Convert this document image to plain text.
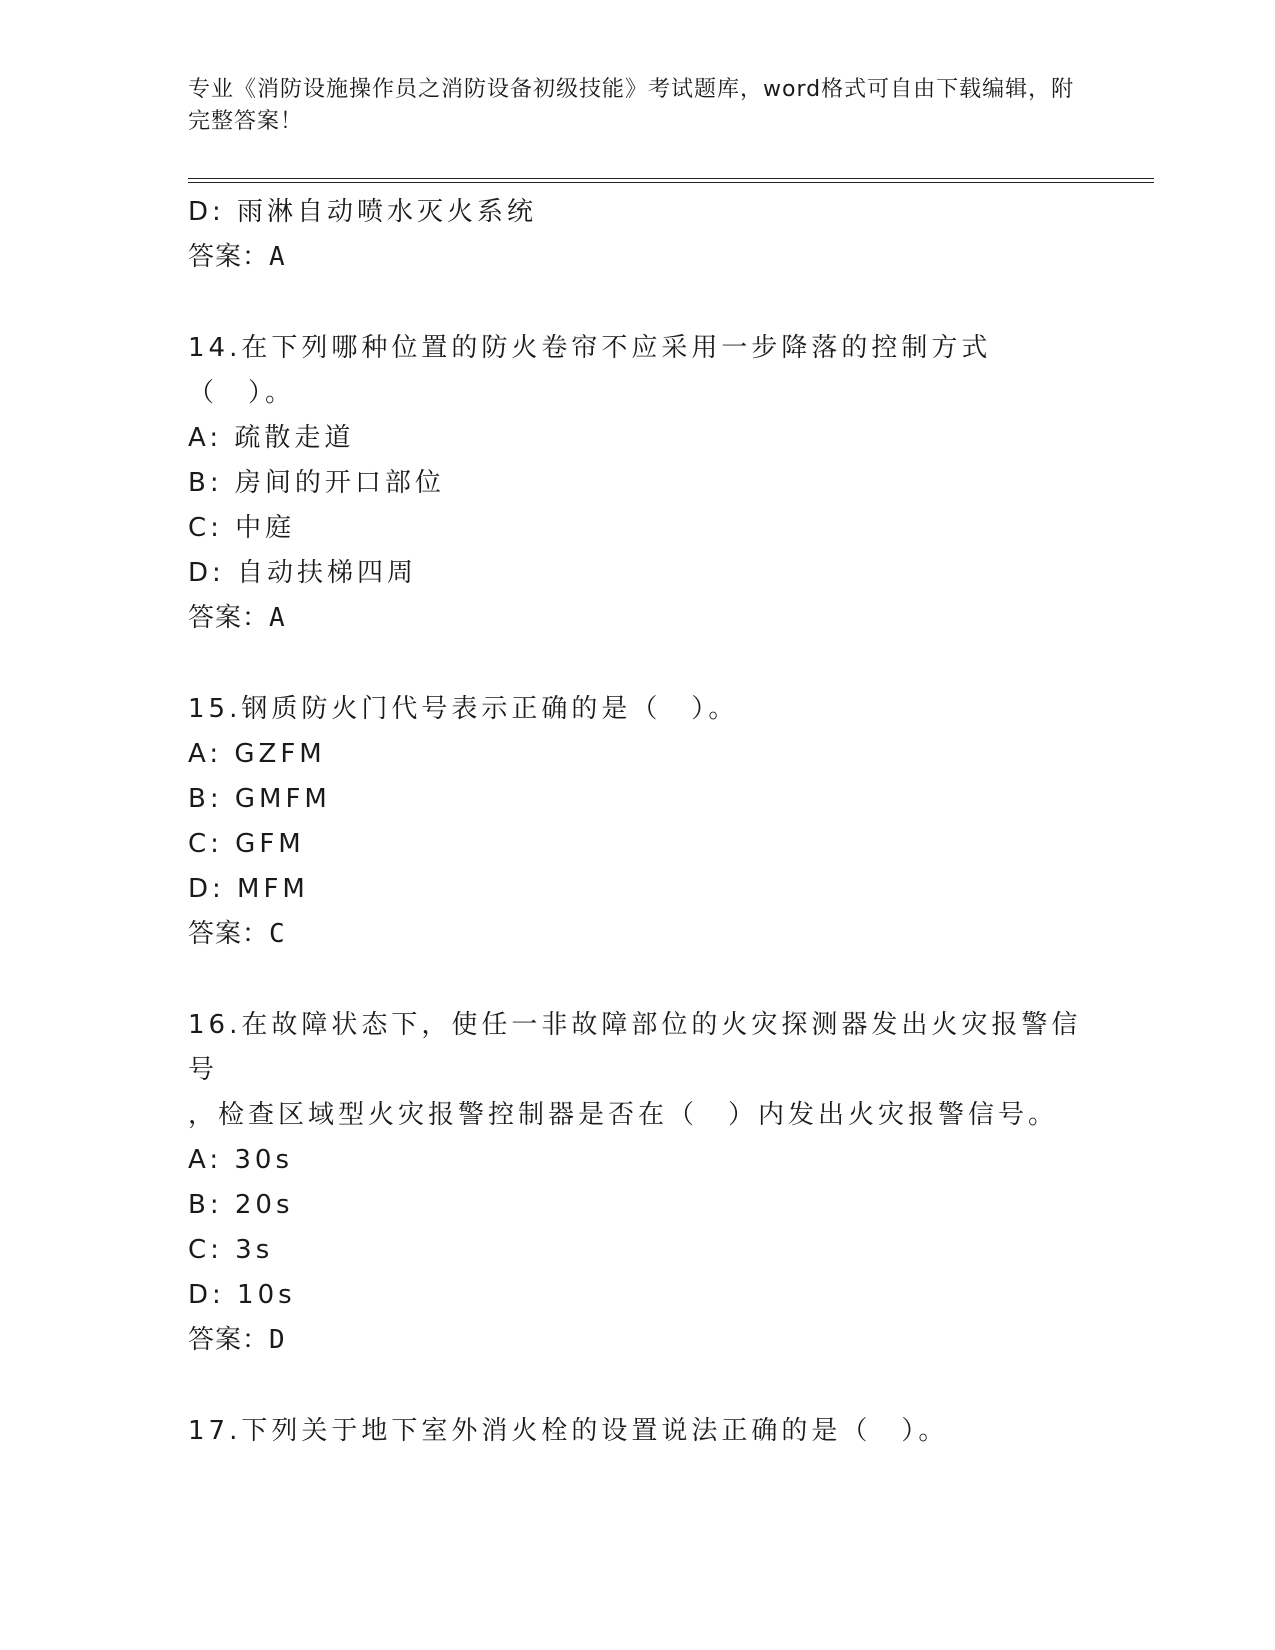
专业《消防设施操作员之消防设备初级技能》考试题库，word格式可自由下载编辑，附完整答案！
D: 雨淋自动喷水灭火系统
答案：A
14.在下列哪种位置的防火卷帘不应采用一步降落的控制方式（　）。
A: 疏散走道
B: 房间的开口部位
C: 中庭
D: 自动扶梯四周
答案：A
15.钢质防火门代号表示正确的是（　）。
A: GZFM
B: GMFM
C: GFM
D: MFM
答案：C
16.在故障状态下，使任一非故障部位的火灾探测器发出火灾报警信号
，检查区域型火灾报警控制器是否在（　）内发出火灾报警信号。
A: 30s
B: 20s
C: 3s
D: 10s
答案：D
17.下列关于地下室外消火栓的设置说法正确的是（　）。
